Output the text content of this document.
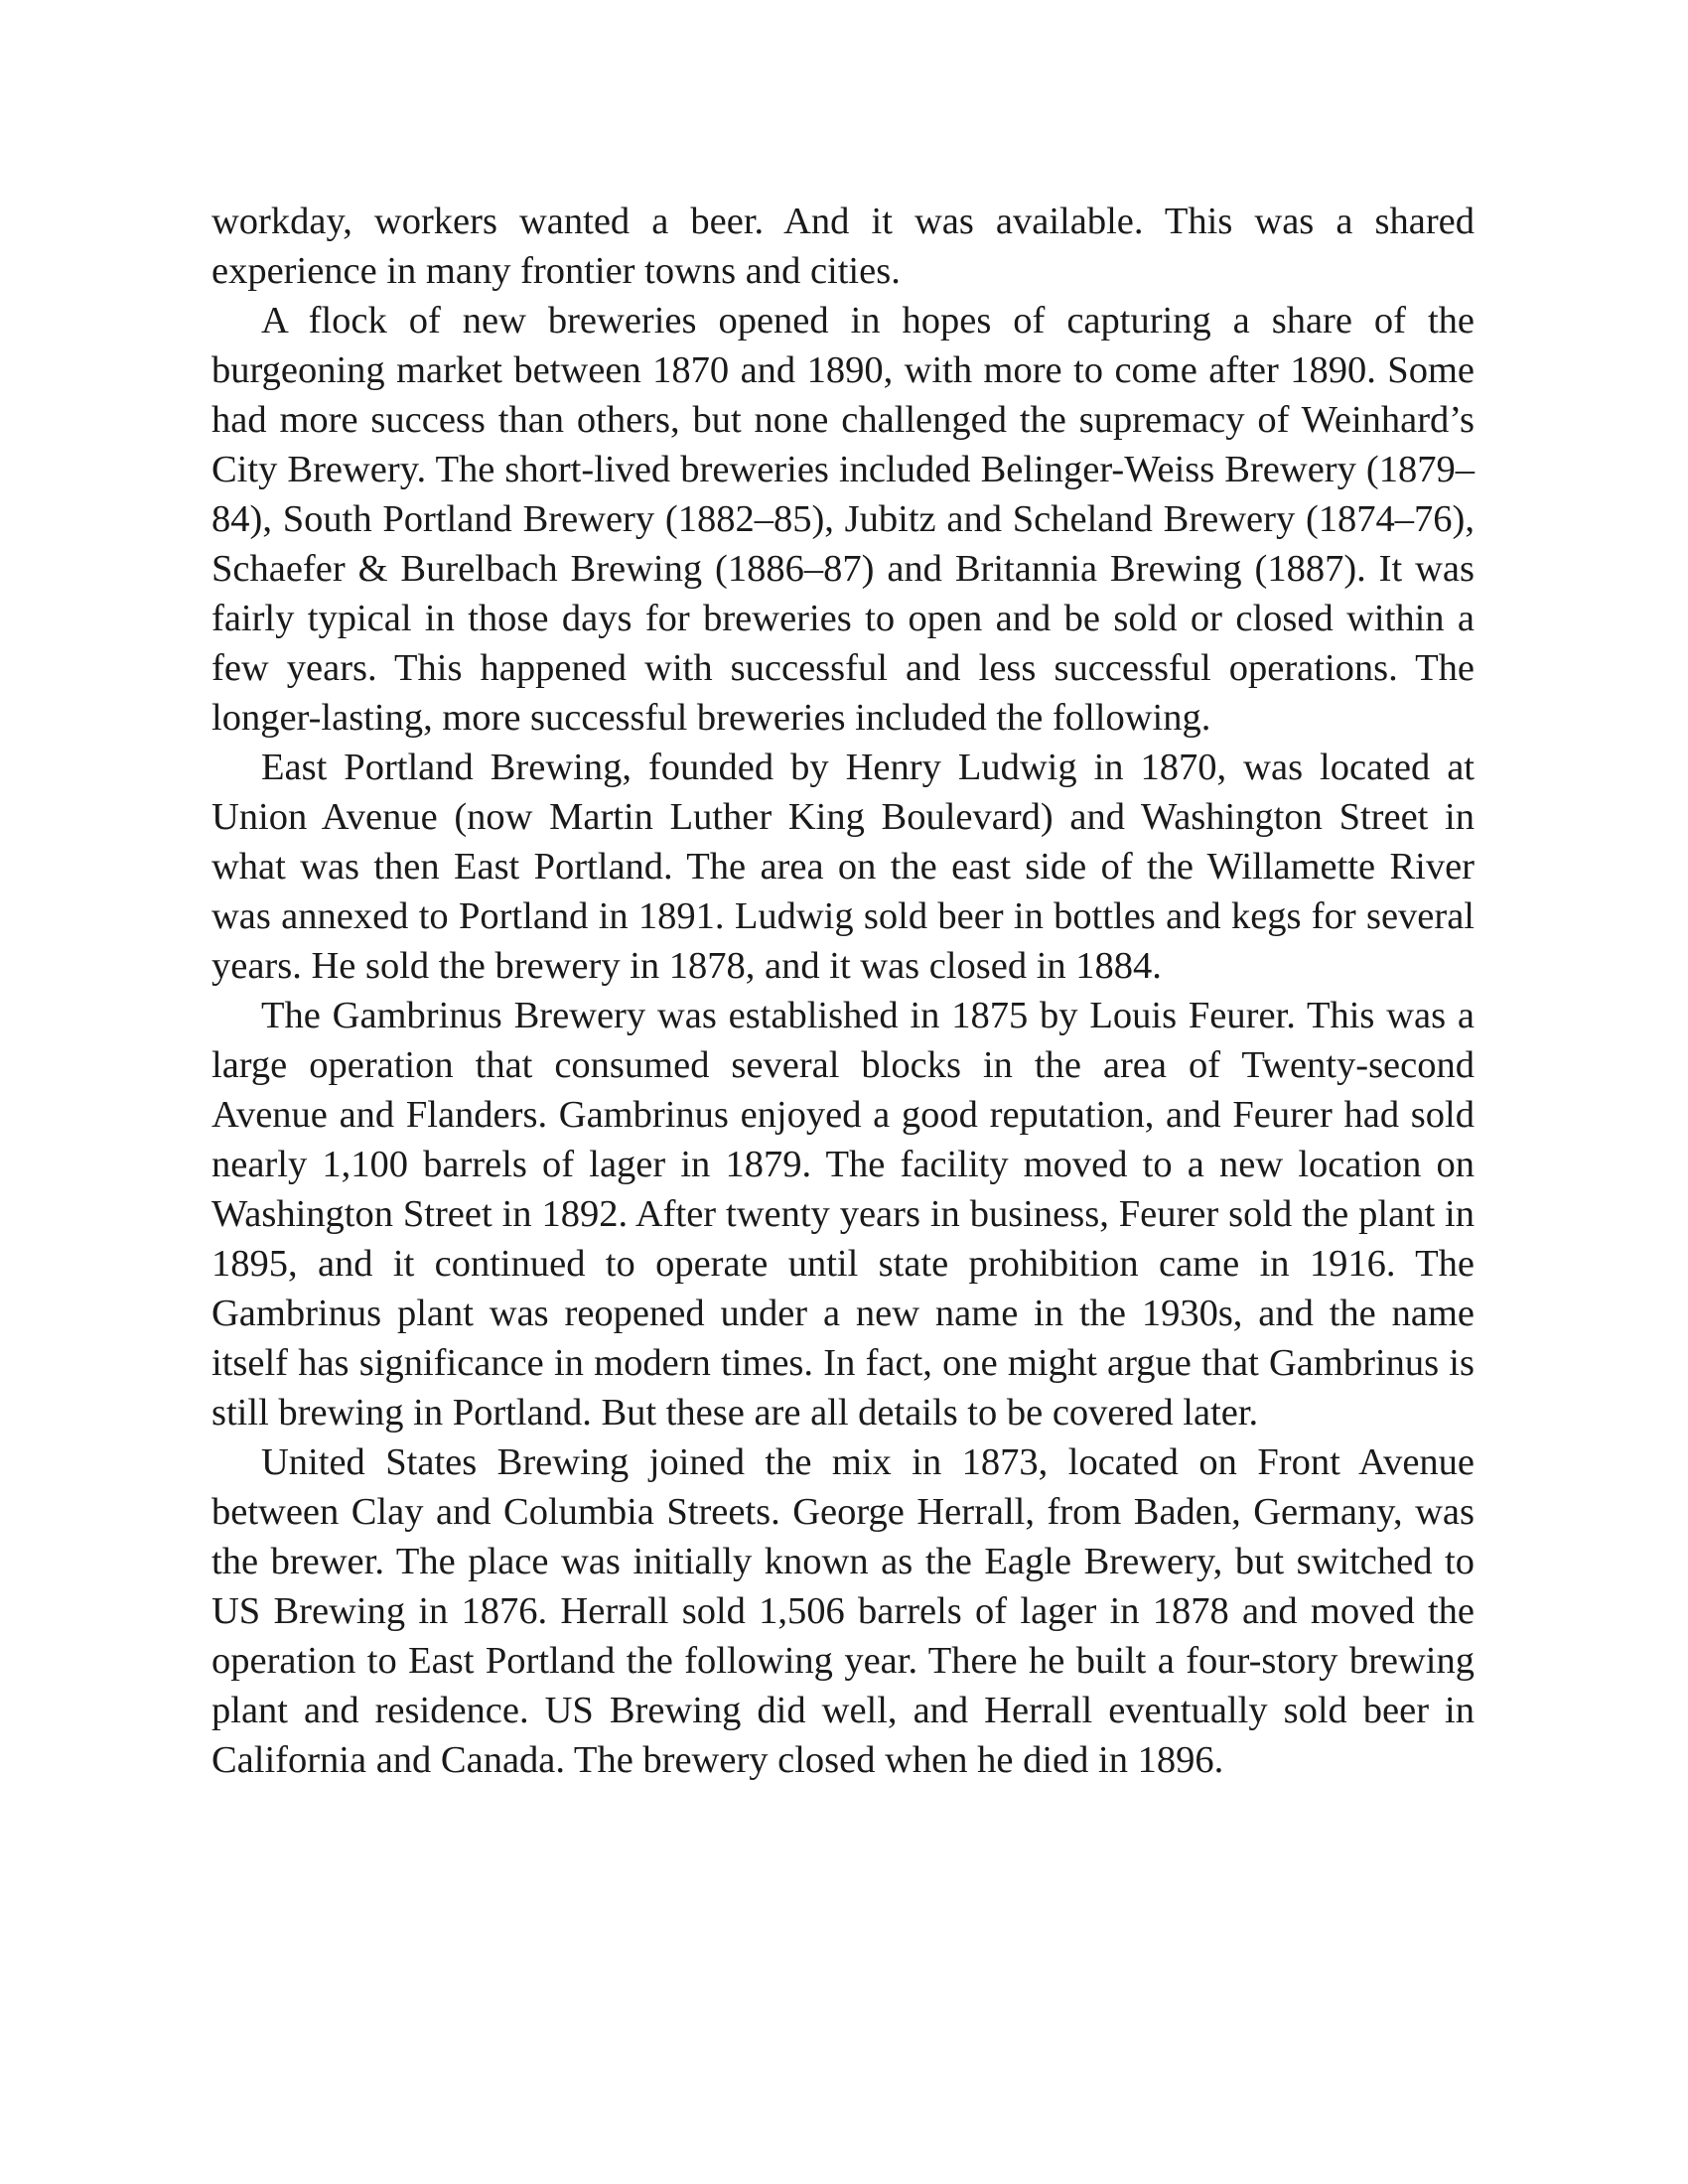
workday, workers wanted a beer. And it was available. This was a shared experience in many frontier towns and cities.

A flock of new breweries opened in hopes of capturing a share of the burgeoning market between 1870 and 1890, with more to come after 1890. Some had more success than others, but none challenged the supremacy of Weinhard’s City Brewery. The short-lived breweries included Belinger-Weiss Brewery (1879–84), South Portland Brewery (1882–85), Jubitz and Scheland Brewery (1874–76), Schaefer & Burelbach Brewing (1886–87) and Britannia Brewing (1887). It was fairly typical in those days for breweries to open and be sold or closed within a few years. This happened with successful and less successful operations. The longer-lasting, more successful breweries included the following.

East Portland Brewing, founded by Henry Ludwig in 1870, was located at Union Avenue (now Martin Luther King Boulevard) and Washington Street in what was then East Portland. The area on the east side of the Willamette River was annexed to Portland in 1891. Ludwig sold beer in bottles and kegs for several years. He sold the brewery in 1878, and it was closed in 1884.

The Gambrinus Brewery was established in 1875 by Louis Feurer. This was a large operation that consumed several blocks in the area of Twenty-second Avenue and Flanders. Gambrinus enjoyed a good reputation, and Feurer had sold nearly 1,100 barrels of lager in 1879. The facility moved to a new location on Washington Street in 1892. After twenty years in business, Feurer sold the plant in 1895, and it continued to operate until state prohibition came in 1916. The Gambrinus plant was reopened under a new name in the 1930s, and the name itself has significance in modern times. In fact, one might argue that Gambrinus is still brewing in Portland. But these are all details to be covered later.

United States Brewing joined the mix in 1873, located on Front Avenue between Clay and Columbia Streets. George Herrall, from Baden, Germany, was the brewer. The place was initially known as the Eagle Brewery, but switched to US Brewing in 1876. Herrall sold 1,506 barrels of lager in 1878 and moved the operation to East Portland the following year. There he built a four-story brewing plant and residence. US Brewing did well, and Herrall eventually sold beer in California and Canada. The brewery closed when he died in 1896.
